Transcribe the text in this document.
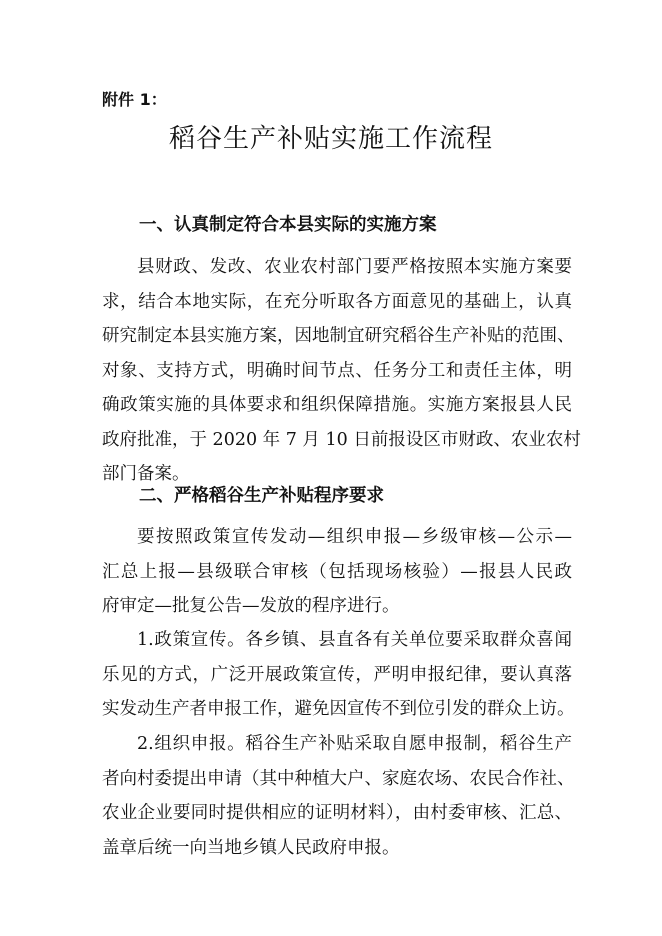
附件 1：
稻谷生产补贴实施工作流程
一、认真制定符合本县实际的实施方案
县财政、发改、农业农村部门要严格按照本实施方案要
求，结合本地实际，在充分听取各方面意见的基础上，认真
研究制定本县实施方案，因地制宜研究稻谷生产补贴的范围、
对象、支持方式，明确时间节点、任务分工和责任主体，明
确政策实施的具体要求和组织保障措施。实施方案报县人民
政府批准，于 2020 年 7 月 10 日前报设区市财政、农业农村
部门备案。
二、严格稻谷生产补贴程序要求
要按照政策宣传发动—组织申报—乡级审核—公示—
汇总上报—县级联合审核（包括现场核验）—报县人民政
府审定—批复公告—发放的程序进行。
1.政策宣传。各乡镇、县直各有关单位要采取群众喜闻
乐见的方式，广泛开展政策宣传，严明申报纪律，要认真落
实发动生产者申报工作，避免因宣传不到位引发的群众上访。
2.组织申报。稻谷生产补贴采取自愿申报制，稻谷生产
者向村委提出申请（其中种植大户、家庭农场、农民合作社、
农业企业要同时提供相应的证明材料），由村委审核、汇总、
盖章后统一向当地乡镇人民政府申报。
